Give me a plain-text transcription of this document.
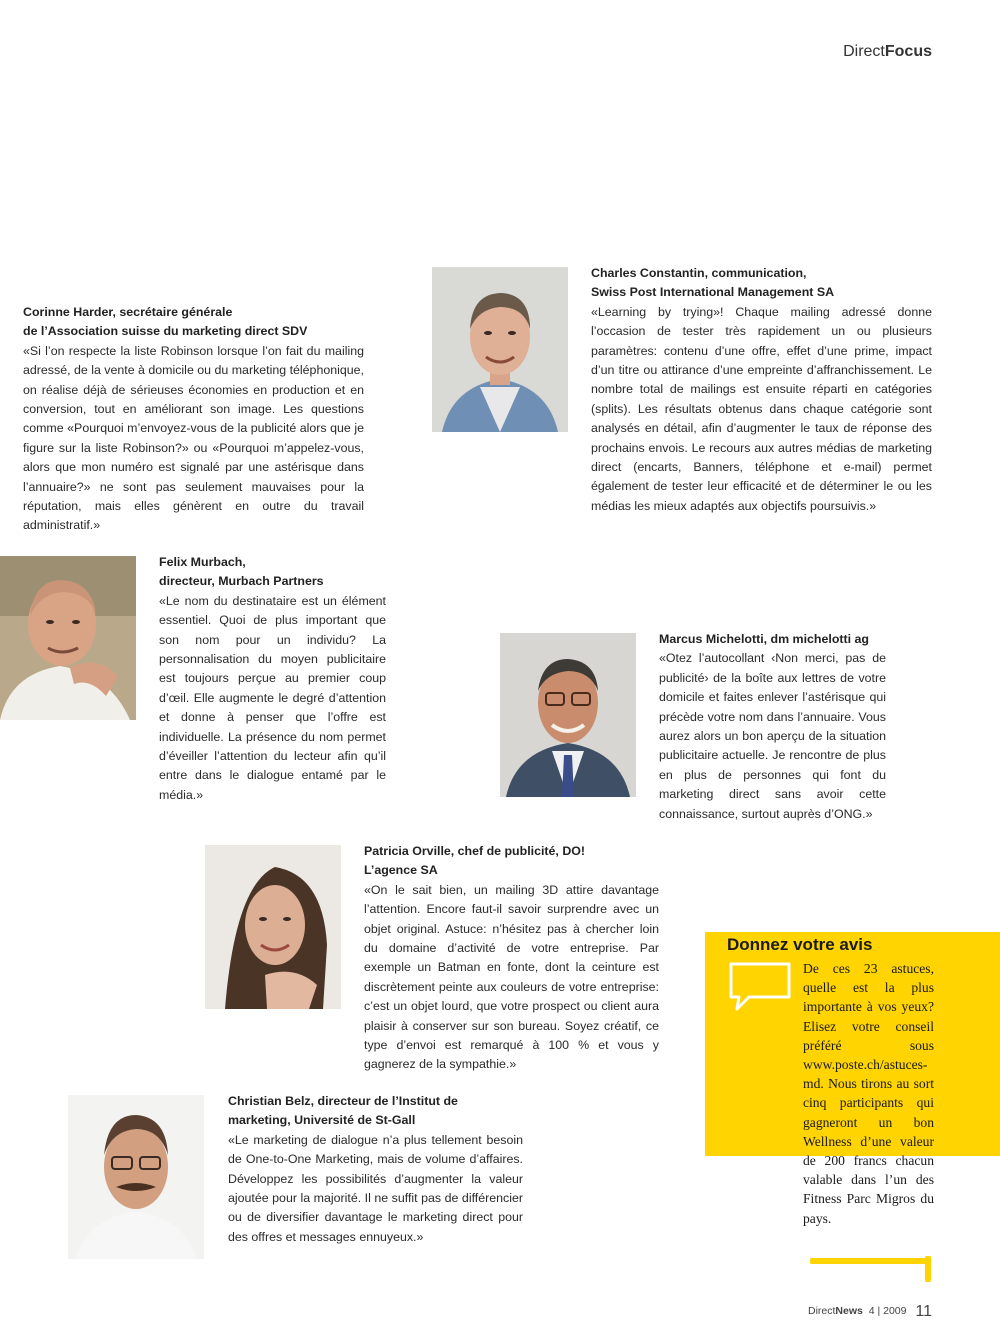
DirectFocus
Charles Constantin, communication,
Swiss Post International Management SA
«Learning by trying»! Chaque mailing adressé donne l’occasion de tester très rapidement un ou plusieurs paramètres: contenu d’une offre, effet d’une prime, impact d’un titre ou attirance d’une empreinte d’affranchissement. Le nombre total de mailings est ensuite réparti en catégories (splits). Les résultats obtenus dans chaque catégorie sont analysés en détail, afin d’augmenter le taux de réponse des prochains envois. Le recours aux autres médias de marketing direct (encarts, Banners, téléphone et e-mail) permet également de tester leur efficacité et de déterminer le ou les médias les mieux adaptés aux objectifs poursuivis.»
Corinne Harder, secrétaire générale
de l’Association suisse du marketing direct SDV
«Si l’on respecte la liste Robinson lorsque l’on fait du mailing adressé, de la vente à domicile ou du marketing téléphonique, on réalise déjà de sérieuses économies en production et en conversion, tout en améliorant son image. Les questions comme «Pourquoi m’envoyez-vous de la publicité alors que je figure sur la liste Robinson?» ou «Pourquoi m’appelez-vous, alors que mon numéro est signalé par une astérisque dans l’annuaire?» ne sont pas seulement mauvaises pour la réputation, mais elles génèrent en outre du travail administratif.»
Felix Murbach,
directeur, Murbach Partners
«Le nom du destinataire est un élément essentiel. Quoi de plus important que son nom pour un individu? La personnalisation du moyen publicitaire est toujours perçue au premier coup d’œil. Elle augmente le degré d’attention et donne à penser que l’offre est individuelle. La présence du nom permet d’éveiller l’attention du lecteur afin qu’il entre dans le dialogue entamé par le média.»
Marcus Michelotti, dm michelotti ag
«Otez l’autocollant ‹Non merci, pas de publicité› de la boîte aux lettres de votre domicile et faites enlever l’astérisque qui précède votre nom dans l’annuaire. Vous aurez alors un bon aperçu de la situation publicitaire actuelle. Je rencontre de plus en plus de personnes qui font du marketing direct sans avoir cette connaissance, surtout auprès d’ONG.»
Patricia Orville, chef de publicité, DO!
L’agence SA
«On le sait bien, un mailing 3D attire davantage l’attention. Encore faut-il savoir surprendre avec un objet original. Astuce: n’hésitez pas à chercher loin du domaine d’activité de votre entreprise. Par exemple un Batman en fonte, dont la ceinture est discrètement peinte aux couleurs de votre entreprise: c’est un objet lourd, que votre prospect ou client aura plaisir à conserver sur son bureau. Soyez créatif, ce type d’envoi est remarqué à 100 % et vous y gagnerez de la sympathie.»
Christian Belz, directeur de l’Institut de
marketing, Université de St-Gall
«Le marketing de dialogue n’a plus tellement besoin de One-to-One Marketing, mais de volume d’affaires. Développez les possibilités d’augmenter la valeur ajoutée pour la majorité. Il ne suffit pas de différencier ou de diversifier davantage le marketing direct pour des offres et messages ennuyeux.»
Donnez votre avis
De ces 23 astuces, quelle est la plus importante à vos yeux? Elisez votre conseil préféré sous www.poste.ch/astuces-md. Nous tirons au sort cinq participants qui gagneront un bon Wellness d’une valeur de 200 francs chacun valable dans l’un des Fitness Parc Migros du pays.
DirectNews 4 | 2009 11
